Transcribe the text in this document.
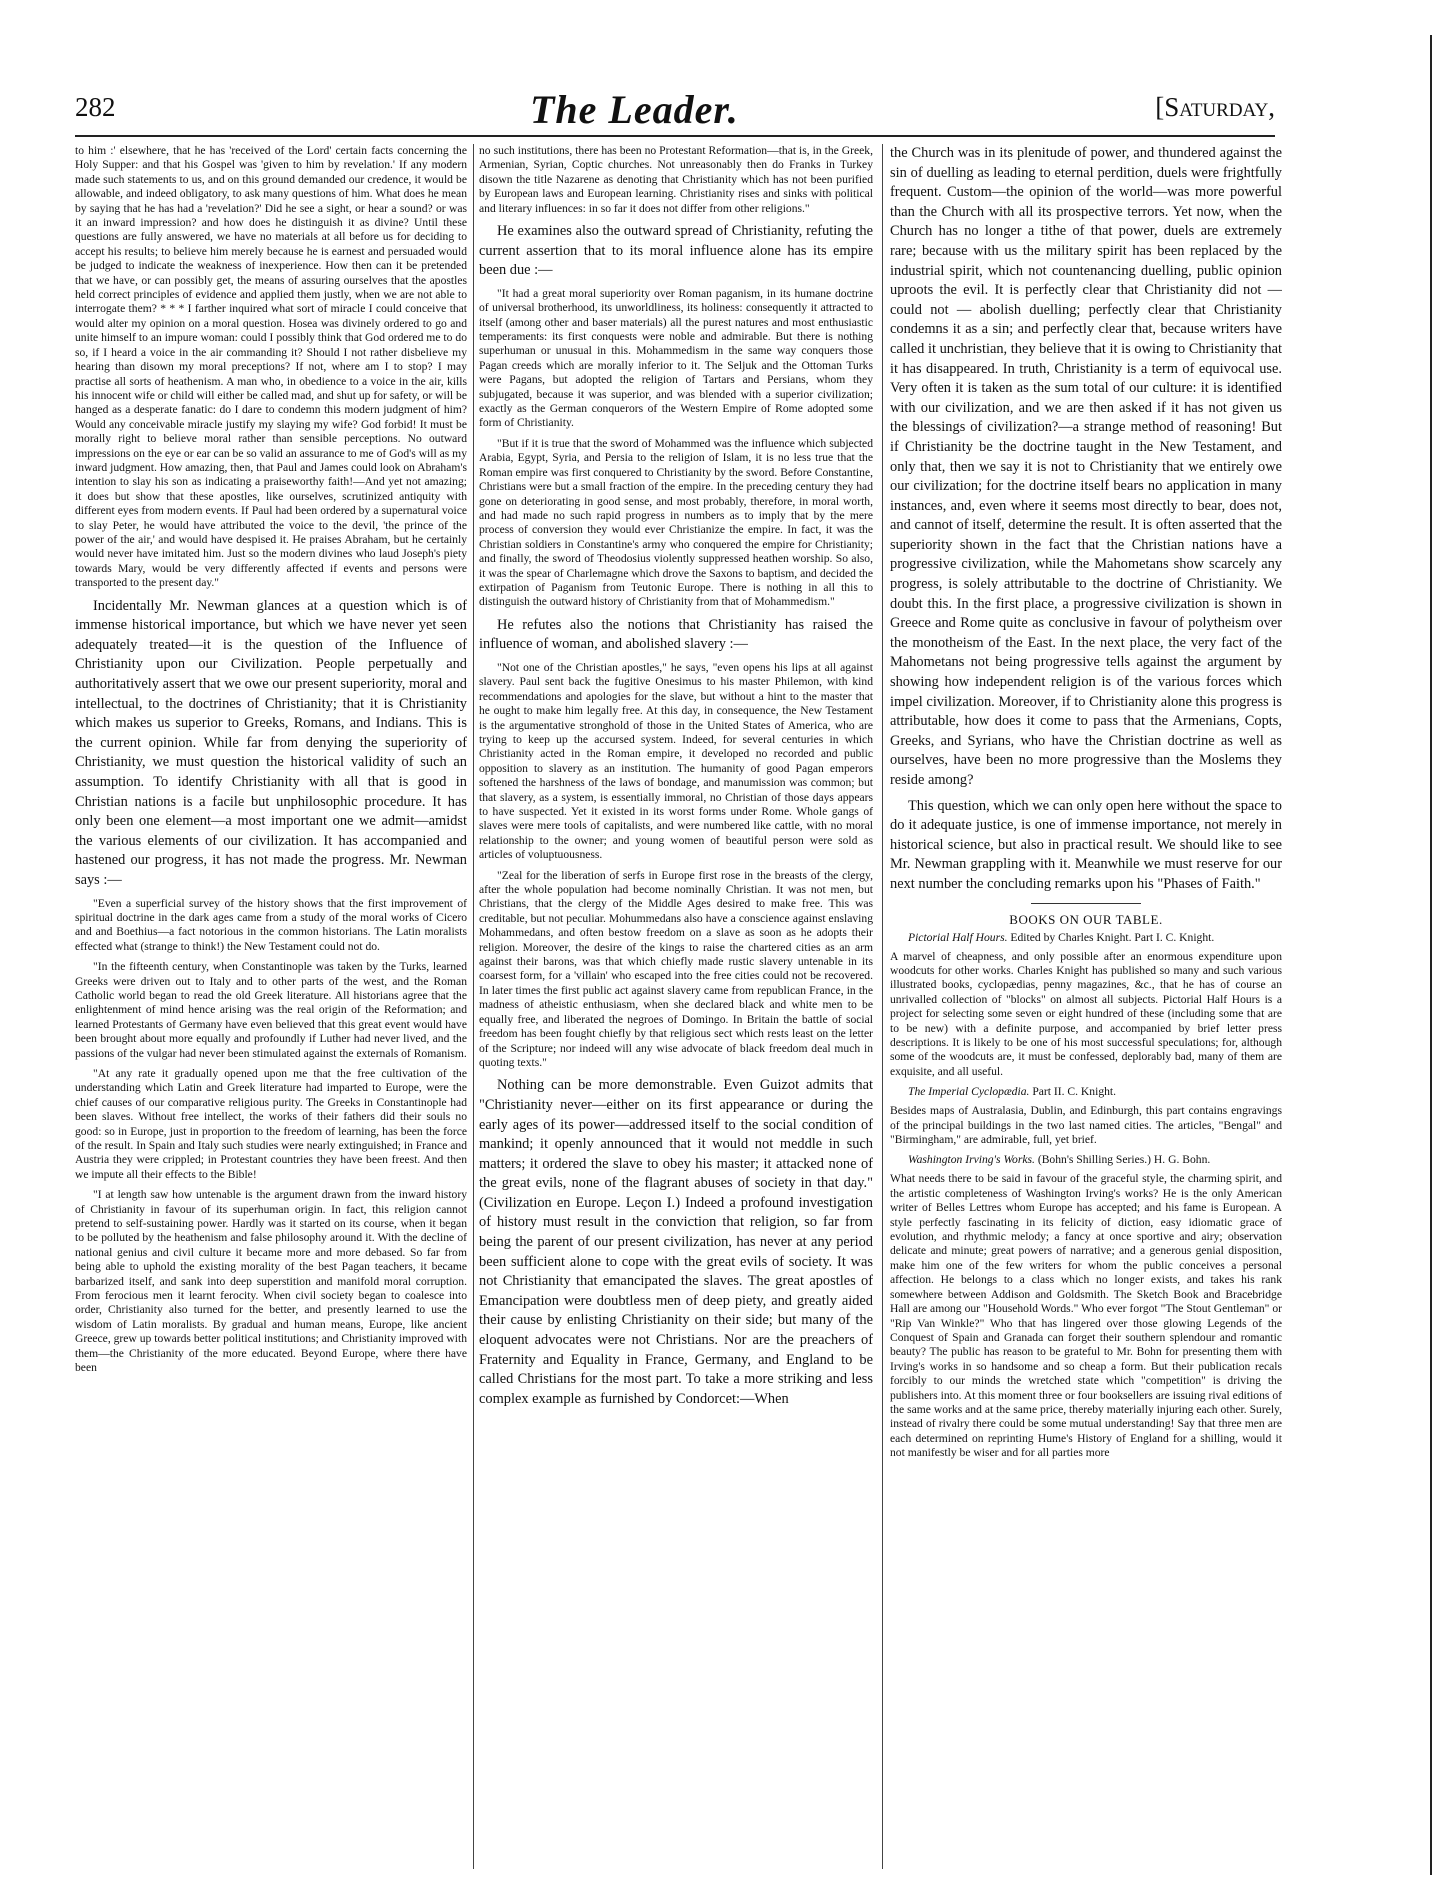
282	The Leader.	[Saturday,

to him :' elsewhere, that he has 'received of the Lord' certain facts concerning the Holy Supper: and that his Gospel was 'given to him by revelation.' If any modern made such statements to us, and on this ground demanded our credence, it would be allowable, and indeed obligatory, to ask many questions of him. What does he mean by saying that he has had a 'revelation?' Did he see a sight, or hear a sound? or was it an inward impression? and how does he distinguish it as divine? Until these questions are fully answered, we have no materials at all before us for deciding to accept his results; to believe him merely because he is earnest and persuaded would be judged to indicate the weakness of inexperience. How then can it be pretended that we have, or can possibly get, the means of assuring ourselves that the apostles held correct principles of evidence and applied them justly, when we are not able to interrogate them? * * * I farther inquired what sort of miracle I could conceive that would alter my opinion on a moral question. Hosea was divinely ordered to go and unite himself to an impure woman: could I possibly think that God ordered me to do so, if I heard a voice in the air commanding it? Should I not rather disbelieve my hearing than disown my moral preceptions? If not, where am I to stop? I may practise all sorts of heathenism. A man who, in obedience to a voice in the air, kills his innocent wife or child will either be called mad, and shut up for safety, or will be hanged as a desperate fanatic: do I dare to condemn this modern judgment of him? Would any conceivable miracle justify my slaying my wife? God forbid! It must be morally right to believe moral rather than sensible perceptions. No outward impressions on the eye or ear can be so valid an assurance to me of God's will as my inward judgment. How amazing, then, that Paul and James could look on Abraham's intention to slay his son as indicating a praiseworthy faith!—And yet not amazing; it does but show that these apostles, like ourselves, scrutinized antiquity with different eyes from modern events. If Paul had been ordered by a supernatural voice to slay Peter, he would have attributed the voice to the devil, 'the prince of the power of the air,' and would have despised it. He praises Abraham, but he certainly would never have imitated him. Just so the modern divines who laud Joseph's piety towards Mary, would be very differently affected if events and persons were transported to the present day."

Incidentally Mr. Newman glances at a question which is of immense historical importance, but which we have never yet seen adequately treated—it is the question of the Influence of Christianity upon our Civilization. People perpetually and authoritatively assert that we owe our present superiority, moral and intellectual, to the doctrines of Christianity; that it is Christianity which makes us superior to Greeks, Romans, and Indians. This is the current opinion. While far from denying the superiority of Christianity, we must question the historical validity of such an assumption. To identify Christianity with all that is good in Christian nations is a facile but unphilosophic procedure. It has only been one element—a most important one we admit—amidst the various elements of our civilization. It has accompanied and hastened our progress, it has not made the progress. Mr. Newman says :—

"Even a superficial survey of the history shows that the first improvement of spiritual doctrine in the dark ages came from a study of the moral works of Cicero and and Boethius—a fact notorious in the common historians. The Latin moralists effected what (strange to think!) the New Testament could not do.

"In the fifteenth century, when Constantinople was taken by the Turks, learned Greeks were driven out to Italy and to other parts of the west, and the Roman Catholic world began to read the old Greek literature. All historians agree that the enlightenment of mind hence arising was the real origin of the Reformation; and learned Protestants of Germany have even believed that this great event would have been brought about more equally and profoundly if Luther had never lived, and the passions of the vulgar had never been stimulated against the externals of Romanism.

"At any rate it gradually opened upon me that the free cultivation of the understanding which Latin and Greek literature had imparted to Europe, were the chief causes of our comparative religious purity. The Greeks in Constantinople had been slaves. Without free intellect, the works of their fathers did their souls no good: so in Europe, just in proportion to the freedom of learning, has been the force of the result. In Spain and Italy such studies were nearly extinguished; in France and Austria they were crippled; in Protestant countries they have been freest. And then we impute all their effects to the Bible!

"I at length saw how untenable is the argument drawn from the inward history of Christianity in favour of its superhuman origin. In fact, this religion cannot pretend to self-sustaining power. Hardly was it started on its course, when it began to be polluted by the heathenism and false philosophy around it. With the decline of national genius and civil culture it became more and more debased. So far from being able to uphold the existing morality of the best Pagan teachers, it became barbarized itself, and sank into deep superstition and manifold moral corruption. From ferocious men it learnt ferocity. When civil society began to coalesce into order, Christianity also turned for the better, and presently learned to use the wisdom of Latin moralists. By gradual and human means, Europe, like ancient Greece, grew up towards better political institutions; and Christianity improved with them—the Christianity of the more educated. Beyond Europe, where there have been

no such institutions, there has been no Protestant Reformation—that is, in the Greek, Armenian, Syrian, Coptic churches. Not unreasonably then do Franks in Turkey disown the title Nazarene as denoting that Christianity which has not been purified by European laws and European learning. Christianity rises and sinks with political and literary influences: in so far it does not differ from other religions."

He examines also the outward spread of Christianity, refuting the current assertion that to its moral influence alone has its empire been due :—

"It had a great moral superiority over Roman paganism, in its humane doctrine of universal brotherhood, its unworldliness, its holiness: consequently it attracted to itself (among other and baser materials) all the purest natures and most enthusiastic temperaments: its first conquests were noble and admirable. But there is nothing superhuman or unusual in this. Mohammedism in the same way conquers those Pagan creeds which are morally inferior to it. The Seljuk and the Ottoman Turks were Pagans, but adopted the religion of Tartars and Persians, whom they subjugated, because it was superior, and was blended with a superior civilization; exactly as the German conquerors of the Western Empire of Rome adopted some form of Christianity.

"But if it is true that the sword of Mohammed was the influence which subjected Arabia, Egypt, Syria, and Persia to the religion of Islam, it is no less true that the Roman empire was first conquered to Christianity by the sword. Before Constantine, Christians were but a small fraction of the empire. In the preceding century they had gone on deteriorating in good sense, and most probably, therefore, in moral worth, and had made no such rapid progress in numbers as to imply that by the mere process of conversion they would ever Christianize the empire. In fact, it was the Christian soldiers in Constantine's army who conquered the empire for Christianity; and finally, the sword of Theodosius violently suppressed heathen worship. So also, it was the spear of Charlemagne which drove the Saxons to baptism, and decided the extirpation of Paganism from Teutonic Europe. There is nothing in all this to distinguish the outward history of Christianity from that of Mohammedism."

He refutes also the notions that Christianity has raised the influence of woman, and abolished slavery :—

"Not one of the Christian apostles," he says, "even opens his lips at all against slavery. Paul sent back the fugitive Onesimus to his master Philemon, with kind recommendations and apologies for the slave, but without a hint to the master that he ought to make him legally free. At this day, in consequence, the New Testament is the argumentative stronghold of those in the United States of America, who are trying to keep up the accursed system. Indeed, for several centuries in which Christianity acted in the Roman empire, it developed no recorded and public opposition to slavery as an institution. The humanity of good Pagan emperors softened the harshness of the laws of bondage, and manumission was common; but that slavery, as a system, is essentially immoral, no Christian of those days appears to have suspected. Yet it existed in its worst forms under Rome. Whole gangs of slaves were mere tools of capitalists, and were numbered like cattle, with no moral relationship to the owner; and young women of beautiful person were sold as articles of voluptuousness.

"Zeal for the liberation of serfs in Europe first rose in the breasts of the clergy, after the whole population had become nominally Christian. It was not men, but Christians, that the clergy of the Middle Ages desired to make free. This was creditable, but not peculiar. Mohummedans also have a conscience against enslaving Mohammedans, and often bestow freedom on a slave as soon as he adopts their religion. Moreover, the desire of the kings to raise the chartered cities as an arm against their barons, was that which chiefly made rustic slavery untenable in its coarsest form, for a 'villain' who escaped into the free cities could not be recovered. In later times the first public act against slavery came from republican France, in the madness of atheistic enthusiasm, when she declared black and white men to be equally free, and liberated the negroes of Domingo. In Britain the battle of social freedom has been fought chiefly by that religious sect which rests least on the letter of the Scripture; nor indeed will any wise advocate of black freedom deal much in quoting texts."

Nothing can be more demonstrable. Even Guizot admits that "Christianity never—either on its first appearance or during the early ages of its power—addressed itself to the social condition of mankind; it openly announced that it would not meddle in such matters; it ordered the slave to obey his master; it attacked none of the great evils, none of the flagrant abuses of society in that day." (Civilization en Europe. Leçon I.) Indeed a profound investigation of history must result in the conviction that religion, so far from being the parent of our present civilization, has never at any period been sufficient alone to cope with the great evils of society. It was not Christianity that emancipated the slaves. The great apostles of Emancipation were doubtless men of deep piety, and greatly aided their cause by enlisting Christianity on their side; but many of the eloquent advocates were not Christians. Nor are the preachers of Fraternity and Equality in France, Germany, and England to be called Christians for the most part. To take a more striking and less complex example as furnished by Condorcet:—When

the Church was in its plenitude of power, and thundered against the sin of duelling as leading to eternal perdition, duels were frightfully frequent. Custom—the opinion of the world—was more powerful than the Church with all its prospective terrors. Yet now, when the Church has no longer a tithe of that power, duels are extremely rare; because with us the military spirit has been replaced by the industrial spirit, which not countenancing duelling, public opinion uproots the evil. It is perfectly clear that Christianity did not — could not — abolish duelling; perfectly clear that Christianity condemns it as a sin; and perfectly clear that, because writers have called it unchristian, they believe that it is owing to Christianity that it has disappeared. In truth, Christianity is a term of equivocal use. Very often it is taken as the sum total of our culture: it is identified with our civilization, and we are then asked if it has not given us the blessings of civilization?—a strange method of reasoning! But if Christianity be the doctrine taught in the New Testament, and only that, then we say it is not to Christianity that we entirely owe our civilization; for the doctrine itself bears no application in many instances, and, even where it seems most directly to bear, does not, and cannot of itself, determine the result. It is often asserted that the superiority shown in the fact that the Christian nations have a progressive civilization, while the Mahometans show scarcely any progress, is solely attributable to the doctrine of Christianity. We doubt this. In the first place, a progressive civilization is shown in Greece and Rome quite as conclusive in favour of polytheism over the monotheism of the East. In the next place, the very fact of the Mahometans not being progressive tells against the argument by showing how independent religion is of the various forces which impel civilization. Moreover, if to Christianity alone this progress is attributable, how does it come to pass that the Armenians, Copts, Greeks, and Syrians, who have the Christian doctrine as well as ourselves, have been no more progressive than the Moslems they reside among?

This question, which we can only open here without the space to do it adequate justice, is one of immense importance, not merely in historical science, but also in practical result. We should like to see Mr. Newman grappling with it. Meanwhile we must reserve for our next number the concluding remarks upon his "Phases of Faith."

BOOKS ON OUR TABLE.

Pictorial Half Hours. Edited by Charles Knight. Part I. C. Knight.

A marvel of cheapness, and only possible after an enormous expenditure upon woodcuts for other works. Charles Knight has published so many and such various illustrated books, cyclopædias, penny magazines, &c., that he has of course an unrivalled collection of "blocks" on almost all subjects. Pictorial Half Hours is a project for selecting some seven or eight hundred of these (including some that are to be new) with a definite purpose, and accompanied by brief letter press descriptions. It is likely to be one of his most successful speculations; for, although some of the woodcuts are, it must be confessed, deplorably bad, many of them are exquisite, and all useful.

The Imperial Cyclopædia. Part II. C. Knight.

Besides maps of Australasia, Dublin, and Edinburgh, this part contains engravings of the principal buildings in the two last named cities. The articles, "Bengal" and "Birmingham," are admirable, full, yet brief.

Washington Irving's Works. (Bohn's Shilling Series.) H. G. Bohn.

What needs there to be said in favour of the graceful style, the charming spirit, and the artistic completeness of Washington Irving's works? He is the only American writer of Belles Lettres whom Europe has accepted; and his fame is European. A style perfectly fascinating in its felicity of diction, easy idiomatic grace of evolution, and rhythmic melody; a fancy at once sportive and airy; observation delicate and minute; great powers of narrative; and a generous genial disposition, make him one of the few writers for whom the public conceives a personal affection. He belongs to a class which no longer exists, and takes his rank somewhere between Addison and Goldsmith. The Sketch Book and Bracebridge Hall are among our "Household Words." Who ever forgot "The Stout Gentleman" or "Rip Van Winkle?" Who that has lingered over those glowing Legends of the Conquest of Spain and Granada can forget their southern splendour and romantic beauty? The public has reason to be grateful to Mr. Bohn for presenting them with Irving's works in so handsome and so cheap a form. But their publication recals forcibly to our minds the wretched state which "competition" is driving the publishers into. At this moment three or four booksellers are issuing rival editions of the same works and at the same price, thereby materially injuring each other. Surely, instead of rivalry there could be some mutual understanding! Say that three men are each determined on reprinting Hume's History of England for a shilling, would it not manifestly be wiser and for all parties more
